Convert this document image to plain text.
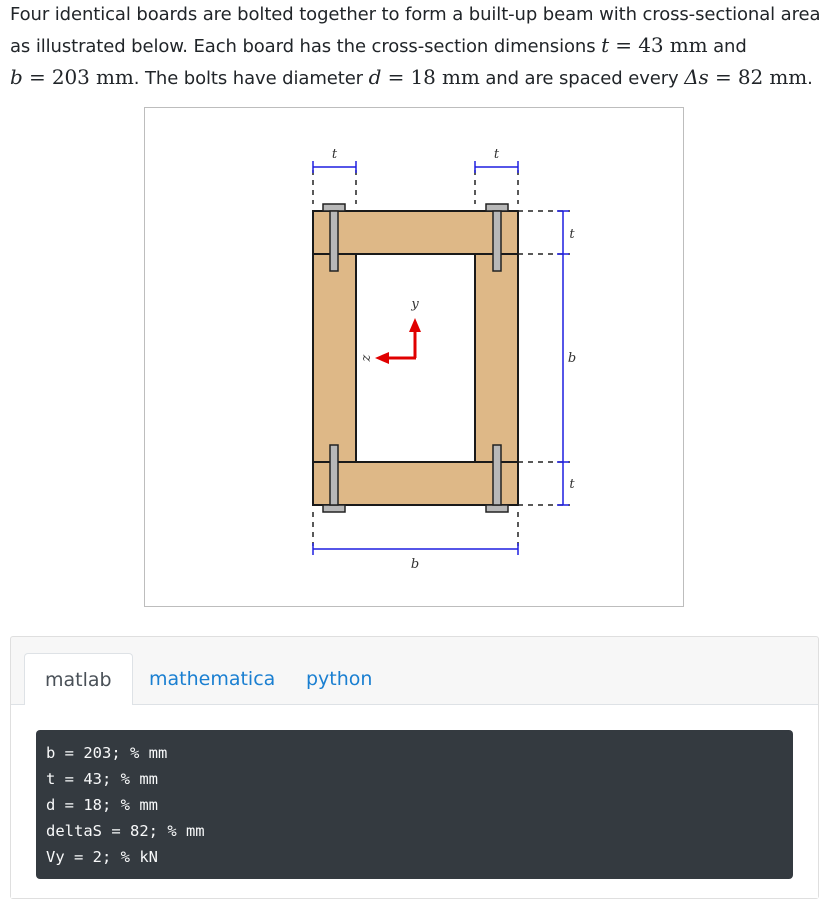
Four identical boards are bolted together to form a built-up beam with cross-sectional area as illustrated below. Each board has the cross-section dimensions t = 43 mm and
b = 203 mm. The bolts have diameter d = 18 mm and are spaced every Δs = 82 mm.

t	t
t
b
t
b
y
z
matlab	mathematica	python
b = 203; % mm
t = 43; % mm
d = 18; % mm
deltaS = 82; % mm
Vy = 2; % kN
